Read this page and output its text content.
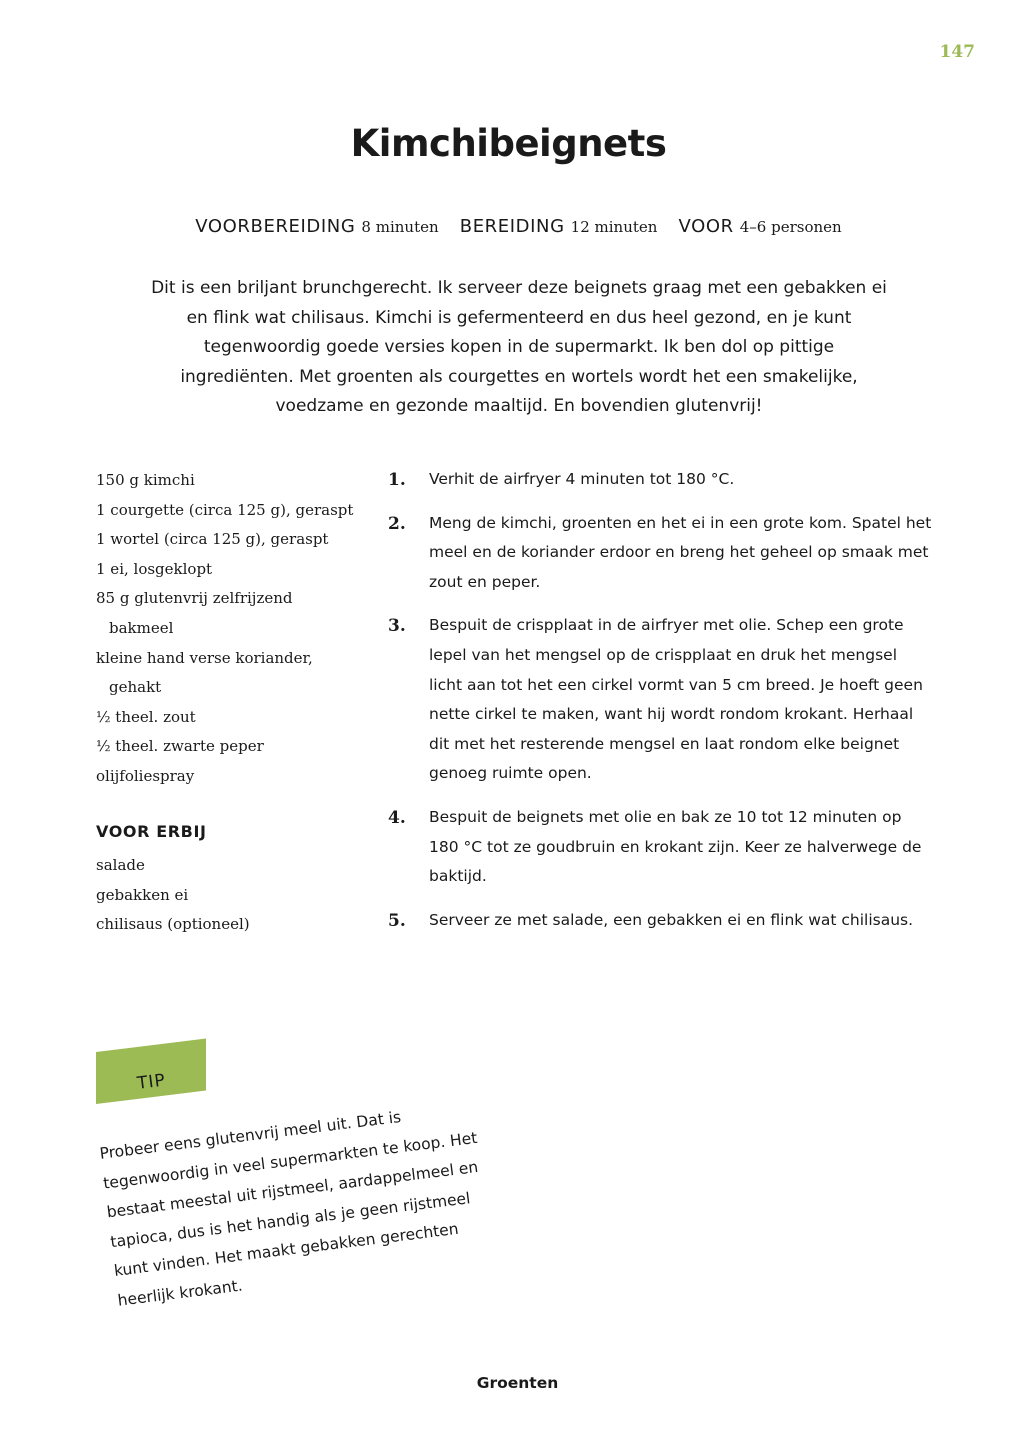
147
Kimchibeignets
VOORBEREIDING 8 minuten BEREIDING 12 minuten VOOR 4–6 personen

Dit is een briljant brunchgerecht. Ik serveer deze beignets graag met een gebakken ei en flink wat chilisaus. Kimchi is gefermenteerd en dus heel gezond, en je kunt tegenwoordig goede versies kopen in de supermarkt. Ik ben dol op pittige ingrediënten. Met groenten als courgettes en wortels wordt het een smakelijke, voedzame en gezonde maaltijd. En bovendien glutenvrij!

150 g kimchi
1 courgette (circa 125 g), geraspt
1 wortel (circa 125 g), geraspt
1 ei, losgeklopt
85 g glutenvrij zelfrijzend bakmeel
kleine hand verse koriander, gehakt
½ theel. zout
½ theel. zwarte peper
olijfoliespray
VOOR ERBIJ
salade
gebakken ei
chilisaus (optioneel)
1. Verhit de airfryer 4 minuten tot 180 °C.
2. Meng de kimchi, groenten en het ei in een grote kom. Spatel het meel en de koriander erdoor en breng het geheel op smaak met zout en peper.
3. Bespuit de crispplaat in de airfryer met olie. Schep een grote lepel van het mengsel op de crispplaat en druk het mengsel licht aan tot het een cirkel vormt van 5 cm breed. Je hoeft geen nette cirkel te maken, want hij wordt rondom krokant. Herhaal dit met het resterende mengsel en laat rondom elke beignet genoeg ruimte open.
4. Bespuit de beignets met olie en bak ze 10 tot 12 minuten op 180 °C tot ze goudbruin en krokant zijn. Keer ze halverwege de baktijd.
5. Serveer ze met salade, een gebakken ei en flink wat chilisaus.
TIP

Probeer eens glutenvrij meel uit. Dat is tegenwoordig in veel supermarkten te koop. Het bestaat meestal uit rijstmeel, aardappelmeel en tapioca, dus is het handig als je geen rijstmeel kunt vinden. Het maakt gebakken gerechten heerlijk krokant.

Groenten
